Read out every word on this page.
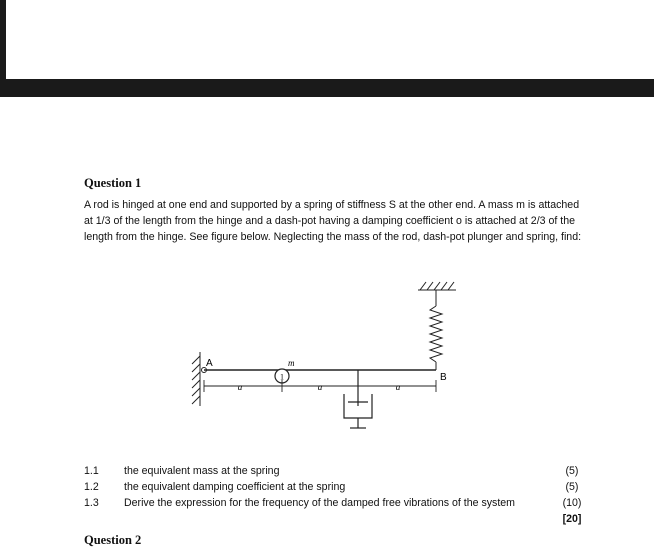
Question 1
A rod is hinged at one end and supported by a spring of stiffness S at the other end. A mass m is attached at 1/3 of the length from the hinge and a dash-pot having a damping coefficient o is attached at 2/3 of the length from the hinge. See figure below. Neglecting the mass of the rod, dash-pot plunger and spring, find:
1
m
A
B
a	a	a
1.1 the equivalent mass at the spring	(5)
1.2 the equivalent damping coefficient at the spring	(5)
1.3 Derive the expression for the frequency of the damped free vibrations of the system	(10)
[20]
Question 2
